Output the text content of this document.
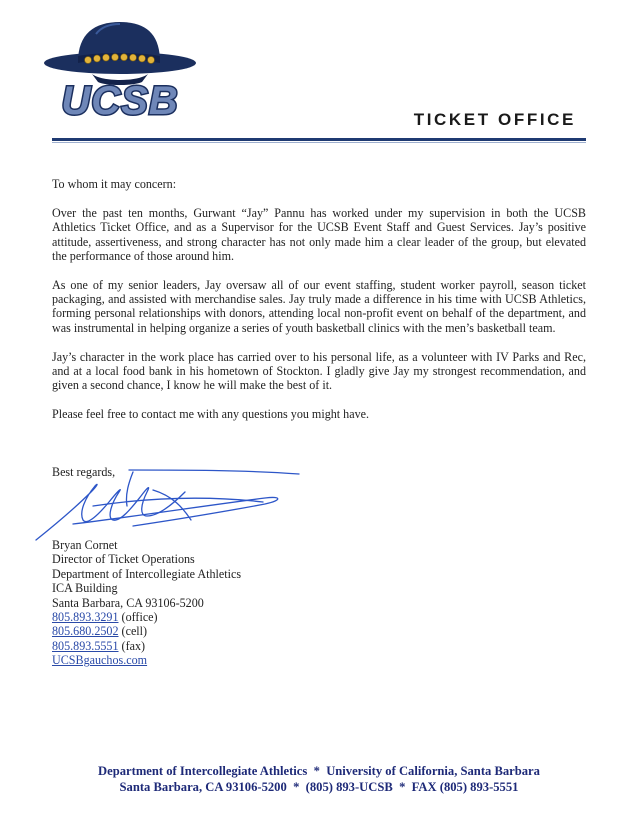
UCSB	TICKET OFFICE

To whom it may concern:

Over the past ten months, Gurwant “Jay” Pannu has worked under my supervision in both the UCSB Athletics Ticket Office, and as a Supervisor for the UCSB Event Staff and Guest Services. Jay’s positive attitude, assertiveness, and strong character has not only made him a clear leader of the group, but elevated the performance of those around him.

As one of my senior leaders, Jay oversaw all of our event staffing, student worker payroll, season ticket packaging, and assisted with merchandise sales. Jay truly made a difference in his time with UCSB Athletics, forming personal relationships with donors, attending local non-profit event on behalf of the department, and was instrumental in helping organize a series of youth basketball clinics with the men’s basketball team.

Jay’s character in the work place has carried over to his personal life, as a volunteer with IV Parks and Rec, and at a local food bank in his hometown of Stockton. I gladly give Jay my strongest recommendation, and given a second chance, I know he will make the best of it.

Please feel free to contact me with any questions you might have.

Best regards,
Bryan Cornet
Director of Ticket Operations
Department of Intercollegiate Athletics
ICA Building
Santa Barbara, CA 93106-5200
805.893.3291 (office)
805.680.2502 (cell)
805.893.5551 (fax)
UCSBgauchos.com
Department of Intercollegiate Athletics  *  University of California, Santa Barbara
Santa Barbara, CA 93106-5200  *  (805) 893-UCSB  *  FAX (805) 893-5551
